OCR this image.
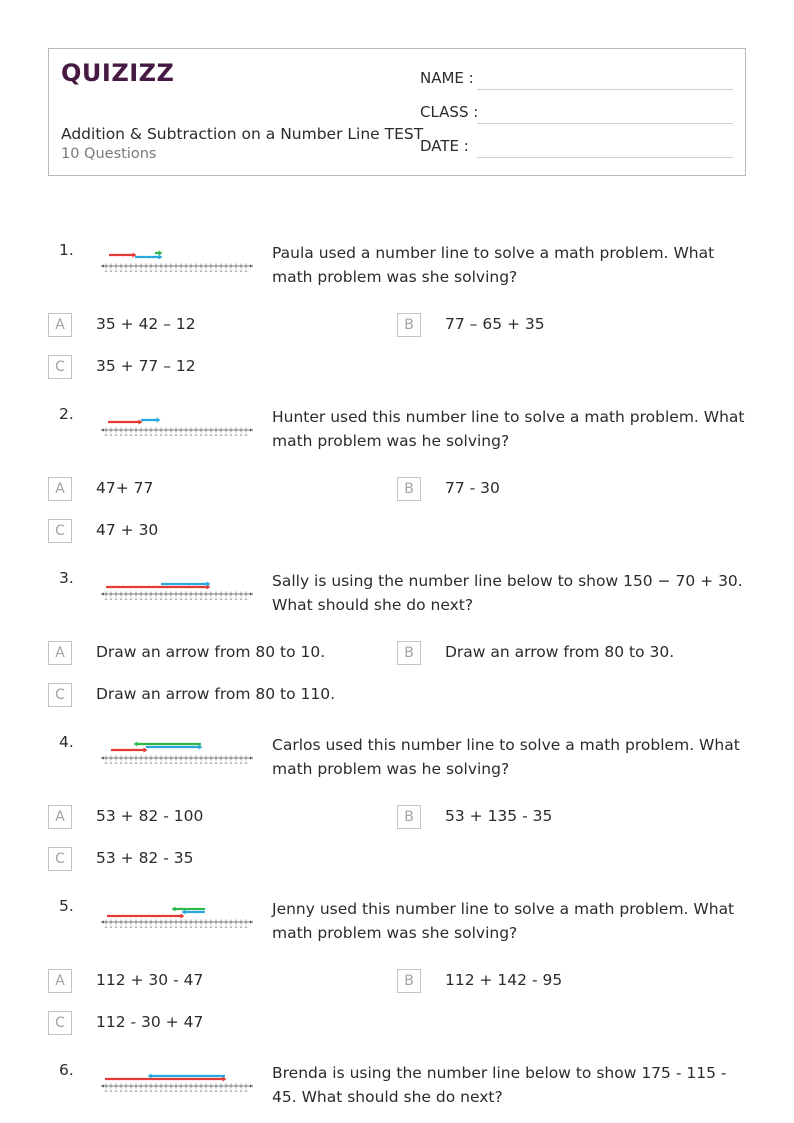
QUIZIZZ
Addition & Subtraction on a Number Line TEST
10 Questions
NAME :
CLASS :
DATE :
1.	Paula used a number line to solve a math problem. What math problem was she solving?
A	35 + 42 – 12	B	77 – 65 + 35
C	35 + 77 – 12
2.	Hunter used this number line to solve a math problem. What math problem was he solving?
A	47+ 77	B	77 - 30
C	47 + 30
3.	Sally is using the number line below to show 150 − 70 + 30. What should she do next?
A	Draw an arrow from 80 to 10.	B	Draw an arrow from 80 to 30.
C	Draw an arrow from 80 to 110.
4.	Carlos used this number line to solve a math problem. What math problem was he solving?
A	53 + 82 - 100	B	53 + 135 - 35
C	53 + 82 - 35
5.	Jenny used this number line to solve a math problem. What math problem was she solving?
A	112 + 30 - 47	B	112 + 142 - 95
C	112 - 30 + 47
6.	Brenda is using the number line below to show 175 - 115 - 45. What should she do next?
